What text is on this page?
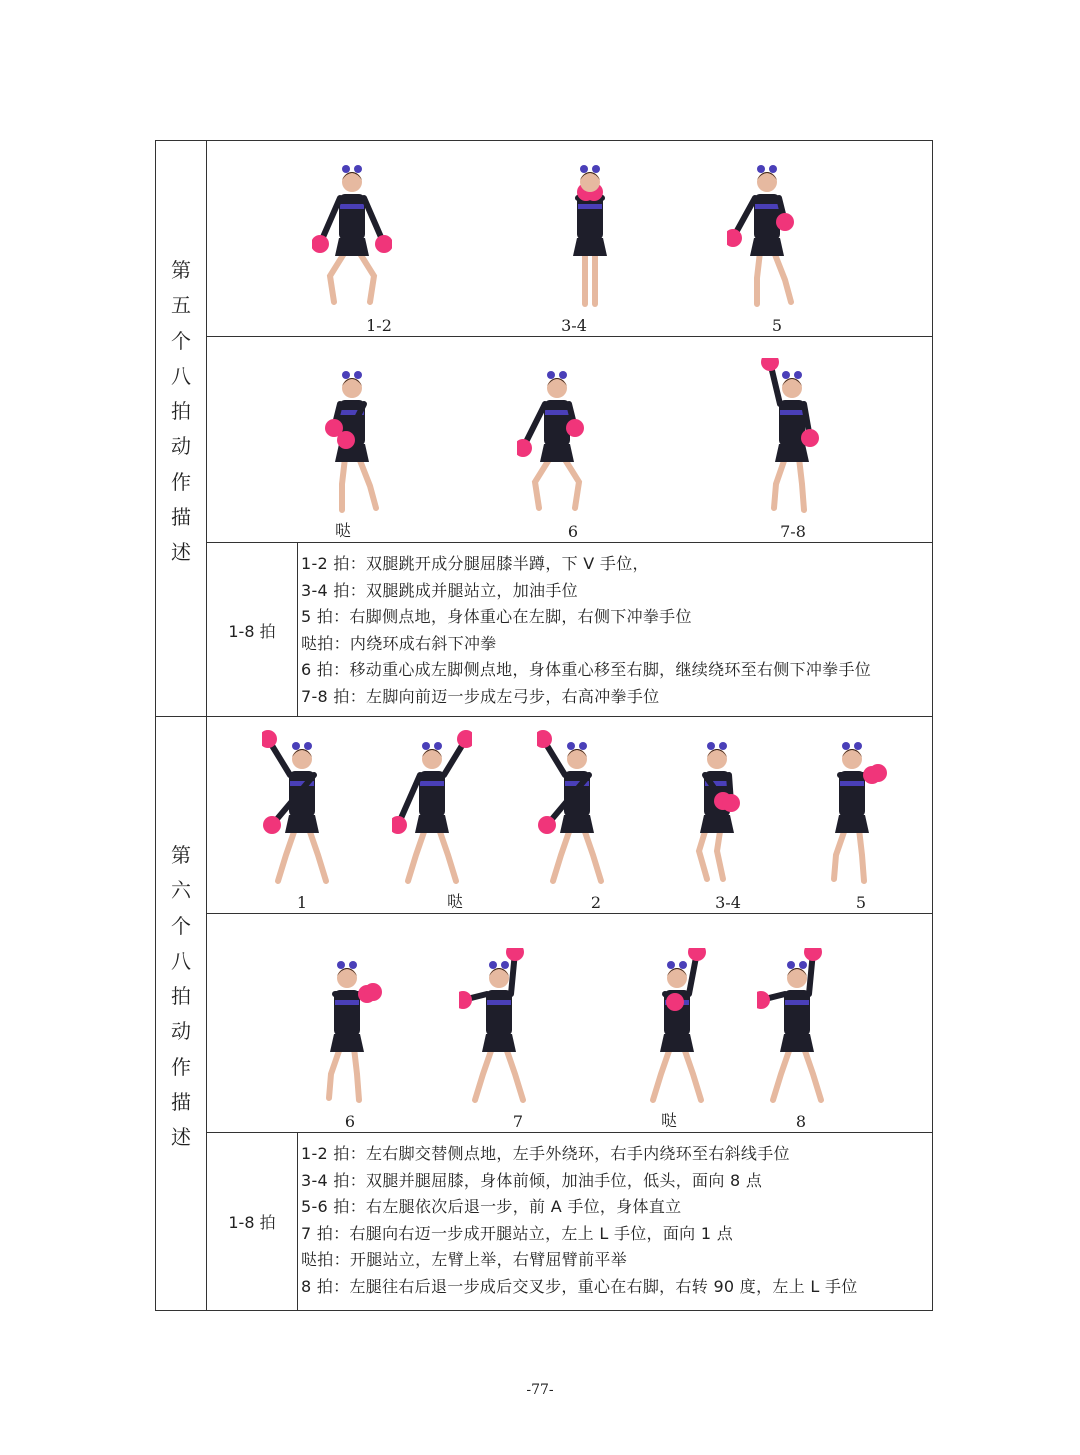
第
五
个
八
拍
动
作
描
述
1-2	3-4	5
哒	6	7-8
1-8 拍
1-2 拍：双腿跳开成分腿屈膝半蹲，下 V 手位，
3-4 拍：双腿跳成并腿站立，加油手位
5 拍：右脚侧点地，身体重心在左脚，右侧下冲拳手位
哒拍：内绕环成右斜下冲拳
6 拍：移动重心成左脚侧点地，身体重心移至右脚，继续绕环至右侧下冲拳手位
7-8 拍：左脚向前迈一步成左弓步，右高冲拳手位
第
六
个
八
拍
动
作
描
述
1	哒	2	3-4	5
6	7	哒	8
1-8 拍
1-2 拍：左右脚交替侧点地，左手外绕环，右手内绕环至右斜线手位
3-4 拍：双腿并腿屈膝，身体前倾，加油手位，低头，面向 8 点
5-6 拍：右左腿依次后退一步，前 A 手位，身体直立
7 拍：右腿向右迈一步成开腿站立，左上 L 手位，面向 1 点
哒拍：开腿站立，左臂上举，右臂屈臂前平举
8 拍：左腿往右后退一步成后交叉步，重心在右脚，右转 90 度，左上 L 手位
-77-
